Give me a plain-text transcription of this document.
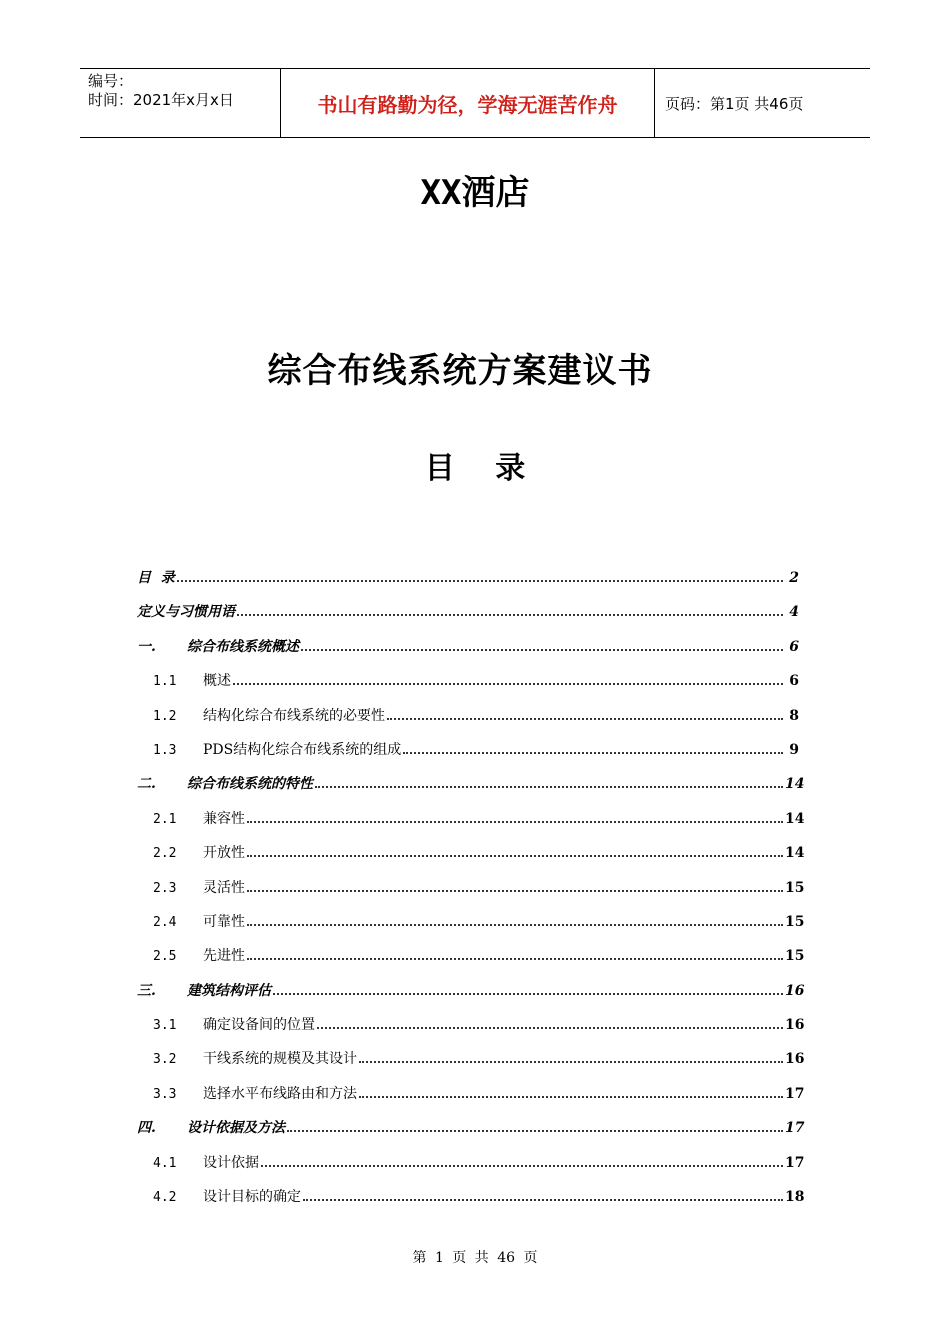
编号：
时间：2021年x月x日	书山有路勤为径，学海无涯苦作舟	页码：第1页 共46页
XX酒店
综合布线系统方案建议书
目 录
目  录	2
定义与习惯用语	4
一.	综合布线系统概述	6
1.1	概述	6
1.2	结构化综合布线系统的必要性	8
1.3	PDS结构化综合布线系统的组成	9
二.	综合布线系统的特性	14
2.1	兼容性	14
2.2	开放性	14
2.3	灵活性	15
2.4	可靠性	15
2.5	先进性	15
三.	建筑结构评估	16
3.1	确定设备间的位置	16
3.2	干线系统的规模及其设计	16
3.3	选择水平布线路由和方法	17
四.	设计依据及方法	17
4.1	设计依据	17
4.2	设计目标的确定	18
第 1 页 共 46 页
